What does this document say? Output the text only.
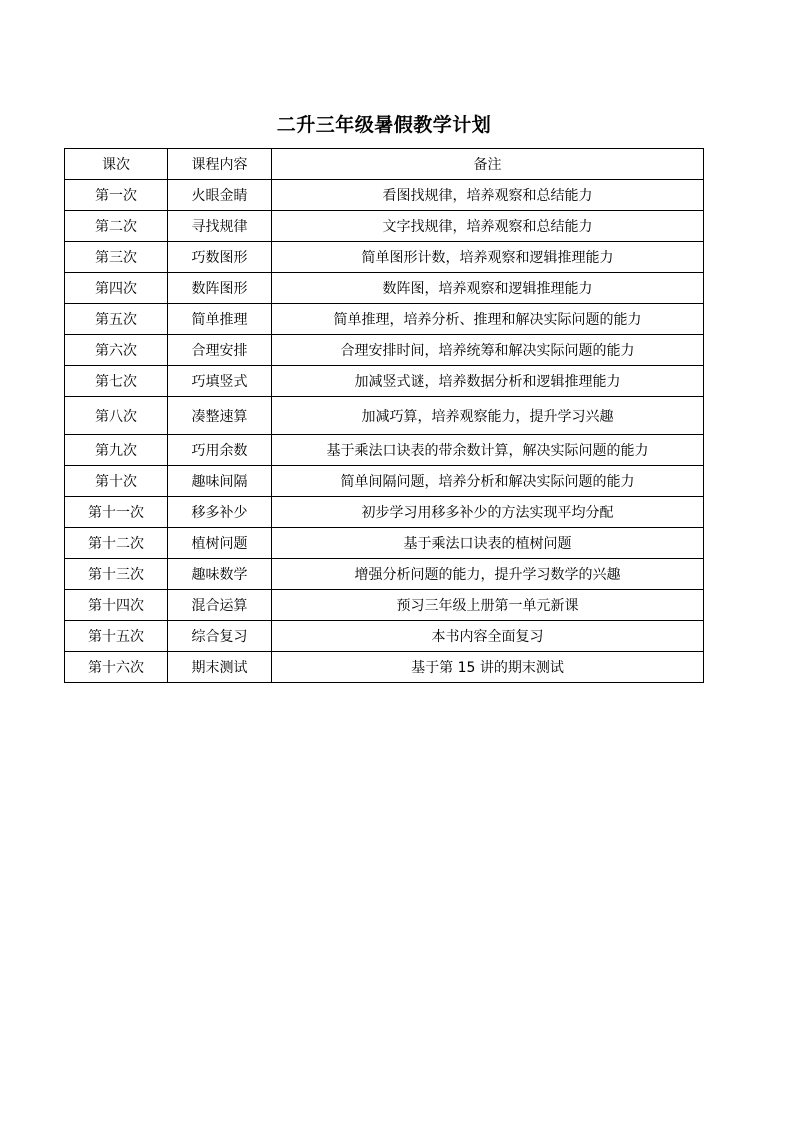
二升三年级暑假教学计划
课次	课程内容	备注
第一次	火眼金睛	看图找规律，培养观察和总结能力
第二次	寻找规律	文字找规律，培养观察和总结能力
第三次	巧数图形	简单图形计数，培养观察和逻辑推理能力
第四次	数阵图形	数阵图，培养观察和逻辑推理能力
第五次	简单推理	简单推理，培养分析、推理和解决实际问题的能力
第六次	合理安排	合理安排时间，培养统筹和解决实际问题的能力
第七次	巧填竖式	加减竖式谜，培养数据分析和逻辑推理能力
第八次	凑整速算	加减巧算，培养观察能力，提升学习兴趣
第九次	巧用余数	基于乘法口诀表的带余数计算，解决实际问题的能力
第十次	趣味间隔	简单间隔问题，培养分析和解决实际问题的能力
第十一次	移多补少	初步学习用移多补少的方法实现平均分配
第十二次	植树问题	基于乘法口诀表的植树问题
第十三次	趣味数学	增强分析问题的能力，提升学习数学的兴趣
第十四次	混合运算	预习三年级上册第一单元新课
第十五次	综合复习	本书内容全面复习
第十六次	期末测试	基于第 15 讲的期末测试
